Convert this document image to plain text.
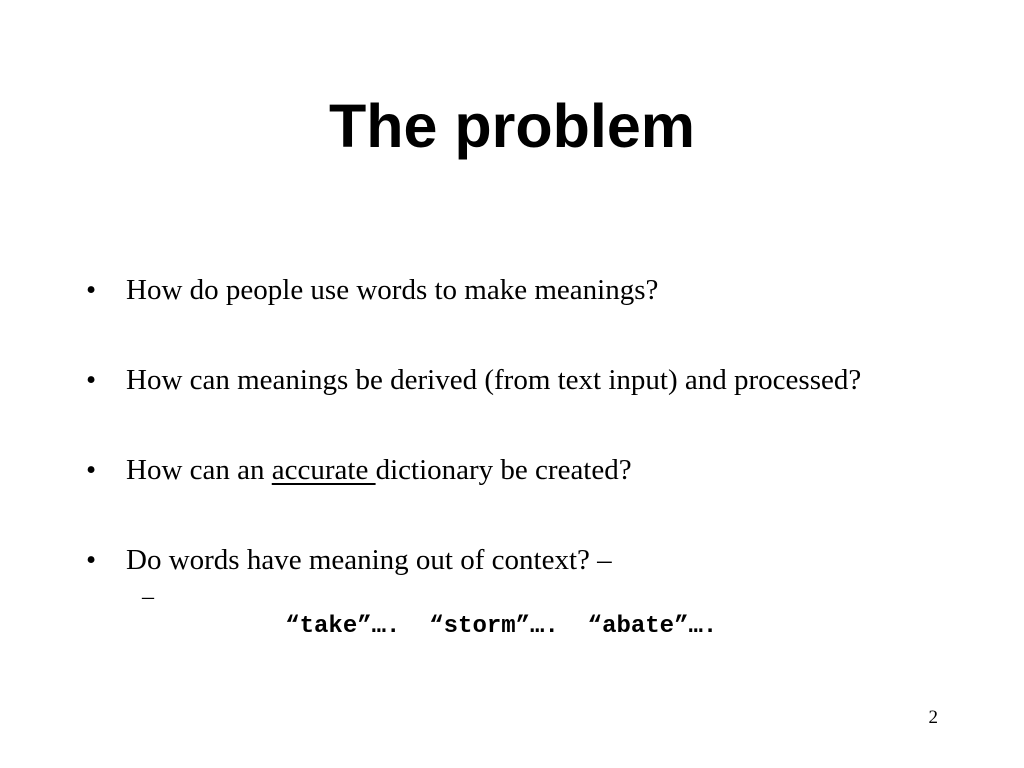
The problem
• How do people use words to make meanings?
• How can meanings be derived (from text input) and processed?
• How can an accurate dictionary be created?
• Do words have meaning out of context? –

–
“take”….  “storm”….  “abate”….

2
